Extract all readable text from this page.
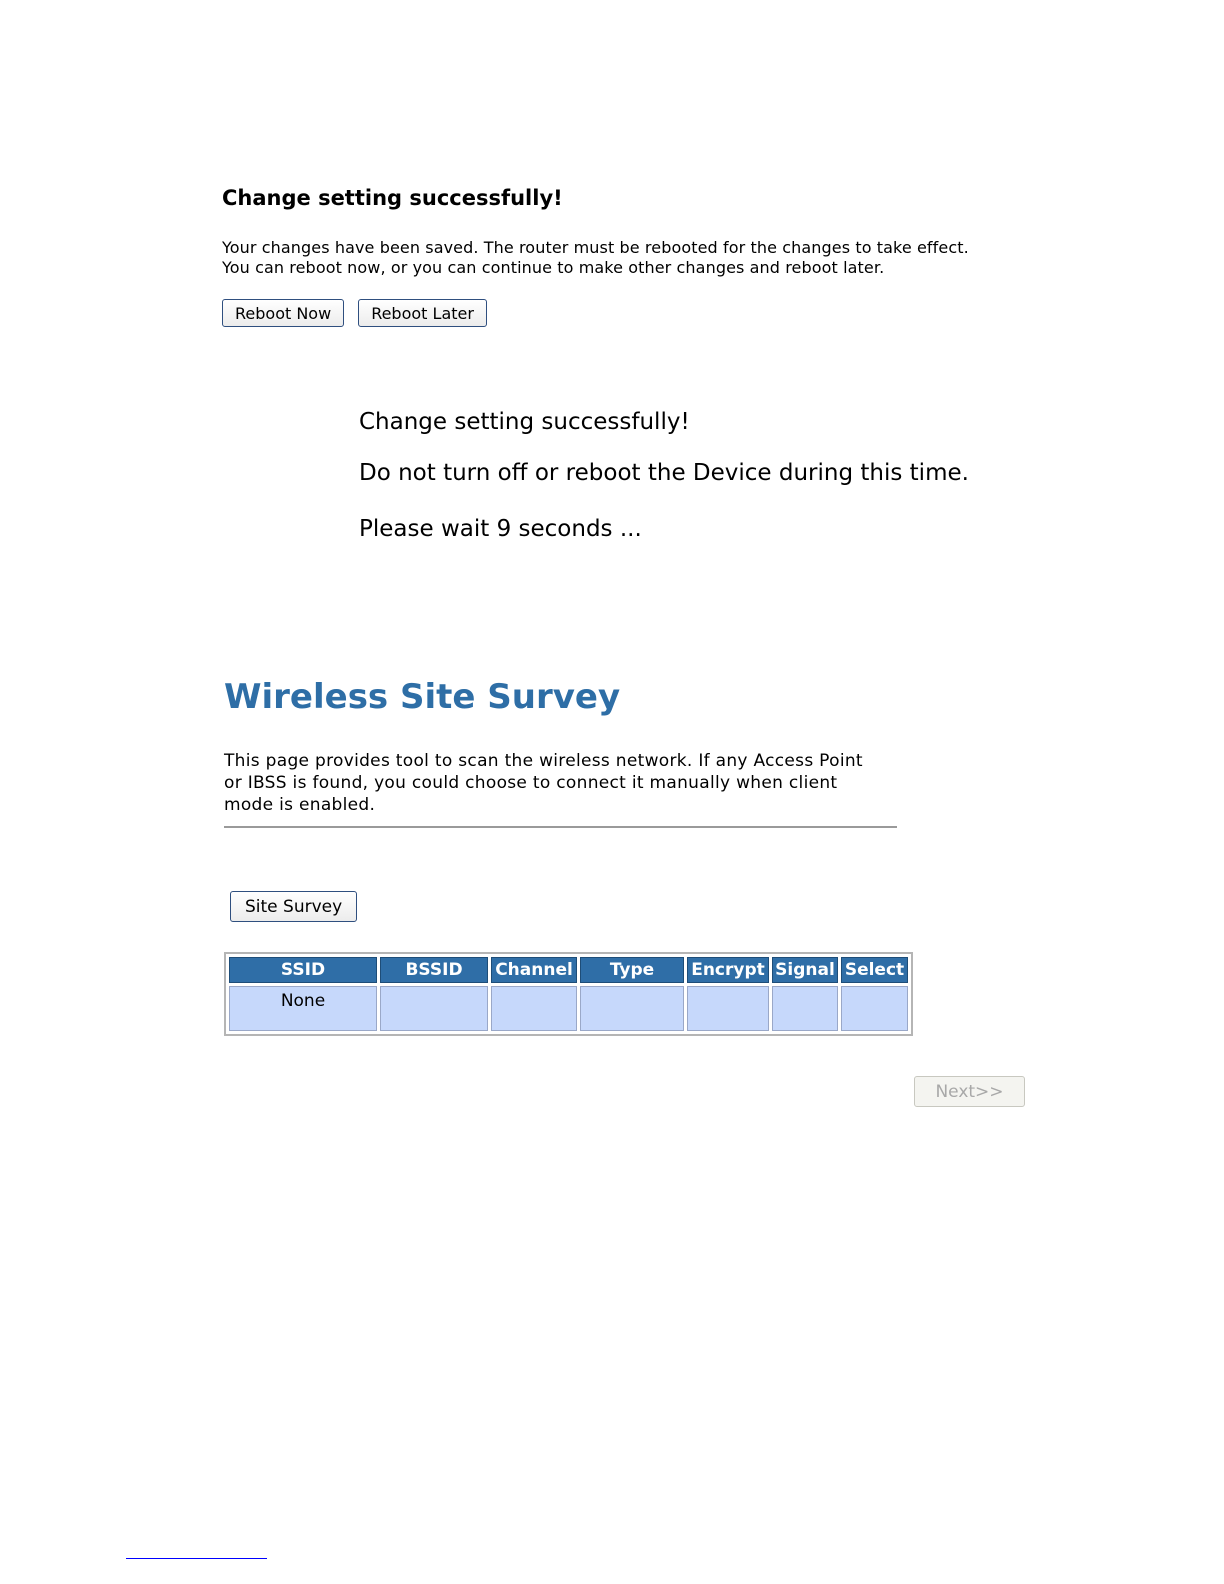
Change setting successfully!
Your changes have been saved. The router must be rebooted for the changes to take effect.
You can reboot now, or you can continue to make other changes and reboot later.
Reboot Now	Reboot Later

Change setting successfully!

Do not turn off or reboot the Device during this time.

Please wait 9 seconds ...

Wireless Site Survey
This page provides tool to scan the wireless network. If any Access Point or IBSS is found, you could choose to connect it manually when client mode is enabled.
Site Survey
SSID	BSSID	Channel	Type	Encrypt	Signal	Select
None						
Next>>
